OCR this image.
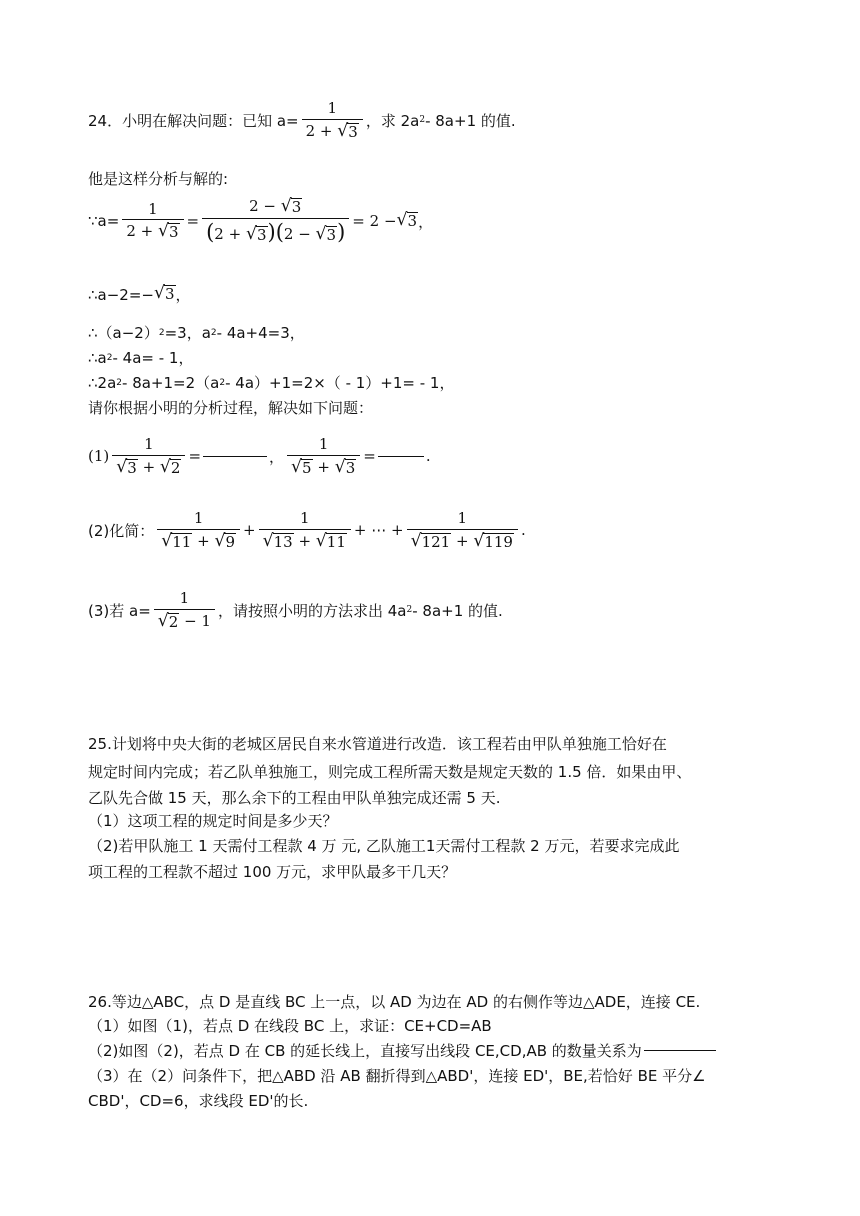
24．小明在解决问题：已知 $a= \frac{1}{2 + √ 3}$ ，求 2a 2 - 8a+1 的值.
他是这样分析与解的:
∵a= $\frac{1}{2 + √ 3} = \frac{2 - √ 3}{(2 + √ 3 )(2 - √ 3 )} = 2$ − √ 3 ，
∴a−2=− √ 3 ，
∴（a−2） 2 =3，a 2 - 4a+4=3，
∴a 2 - 4a= - 1，
∴2a 2 - 8a+1=2（a 2 - 4a）+1=2×（ - 1）+1= - 1，
请你根据小明的分析过程，解决如下问题：
$(1) \frac{1}{√ 3 + √ 2}$ =	， $\frac{1}{√ 5 + √ 3}$ =	.
(2)化简： $\frac{1}{√ 11 + √ 9} + \frac{1}{√ 13 + √ 11}$ + ⋯ + $\frac{1}{√ 121 + √ 119}$ .
(3)若 $a= \frac{1}{√ 2 - 1}$ ，请按照小明的方法求出 4a 2 - 8a+1 的值.
25.计划将中央大街的老城区居民自来水管道进行改造．该工程若由甲队单独施工恰好在
规定时间内完成；若乙队单独施工，则完成工程所需天数是规定天数的 1.5 倍．如果由甲、
乙队先合做 15 天，那么余下的工程由甲队单独完成还需 5 天.
（1）这项工程的规定时间是多少天？
（2)若甲队施工 1 天需付工程款 4 万 元, 乙队施工1天需付工程款 2 万元，若要求完成此
项工程的工程款不超过 100 万元，求甲队最多干几天？
26.等边△ABC，点 D 是直线 BC 上一点，以 AD 为边在 AD 的右侧作等边△ADE，连接 CE.
（1）如图（1)，若点 D 在线段 BC 上，求证：CE+CD=AB
（2)如图（2)，若点 D 在 CB 的延长线上，直接写出线段 CE,CD,AB 的数量关系为
（3）在（2）问条件下，把△ABD 沿 AB 翻折得到△ABD'，连接 ED'，BE,若恰好 BE 平分∠
CBD'，CD=6，求线段 ED'的长.
